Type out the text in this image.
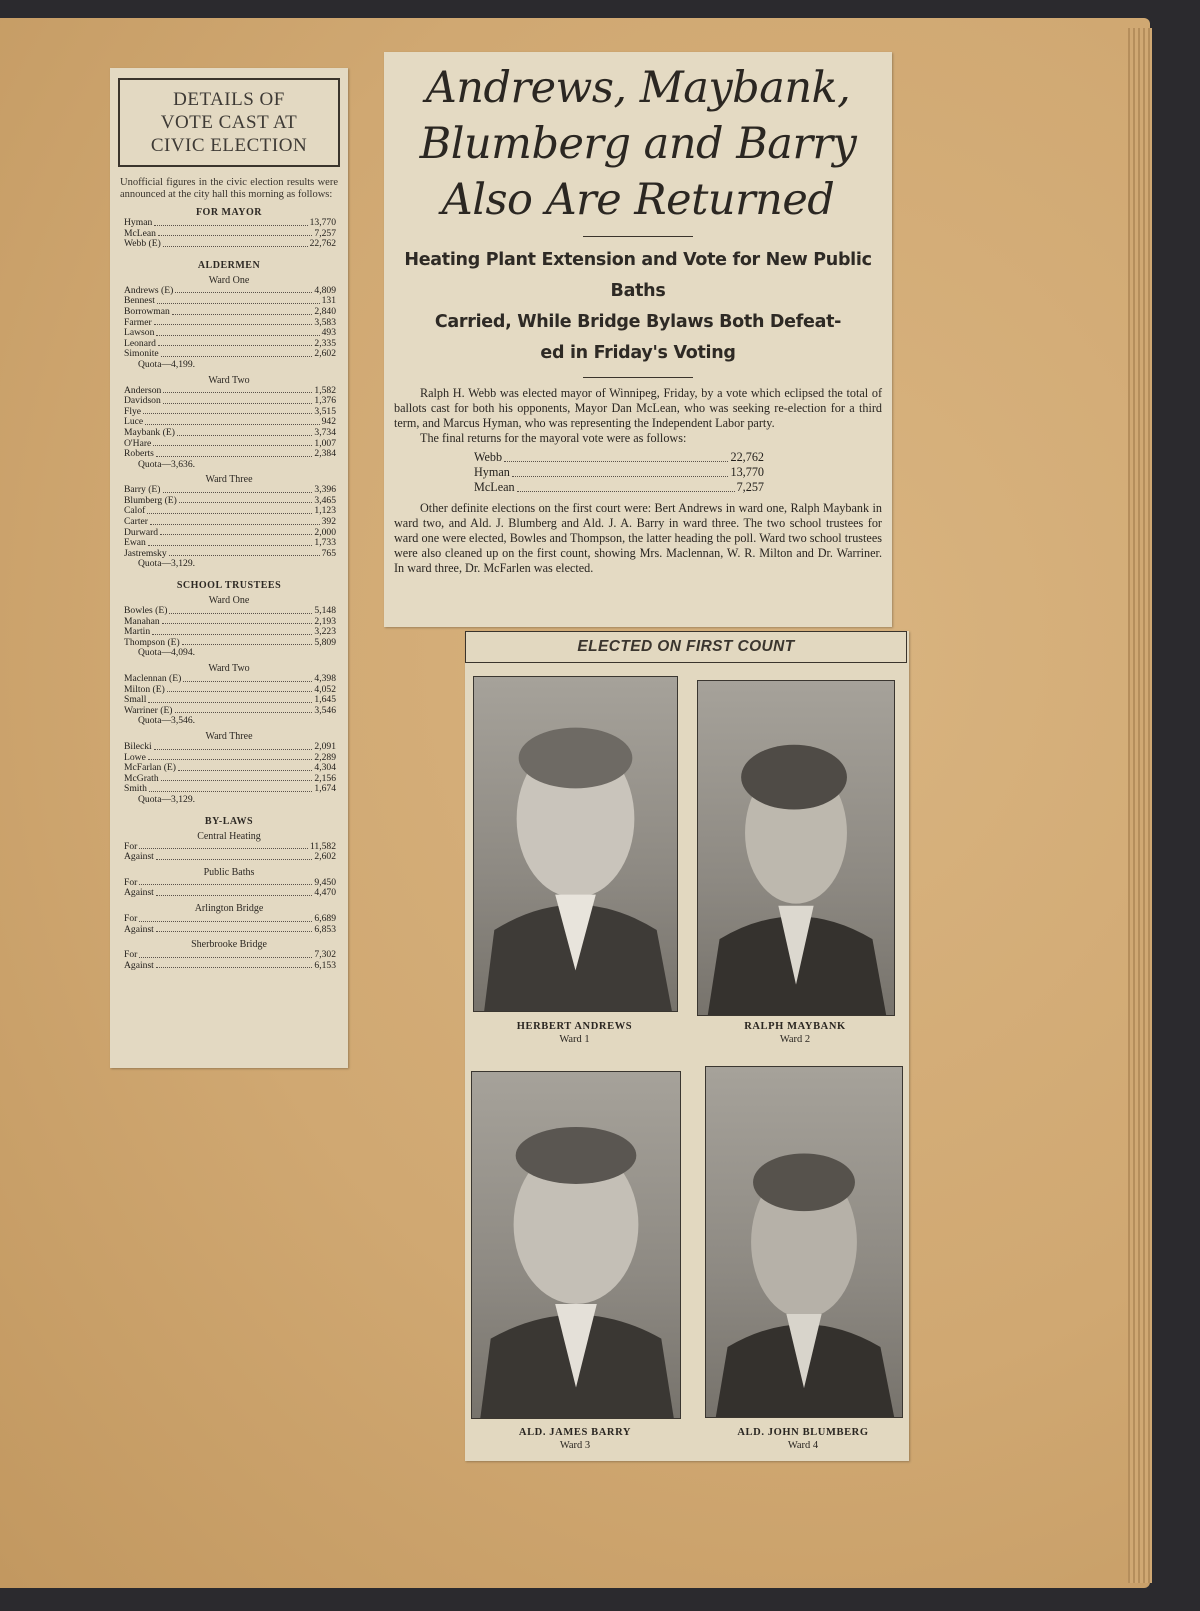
DETAILS OF
VOTE CAST AT
CIVIC ELECTION
Unofficial figures in the civic election results were announced at the city hall this morning as follows:
FOR MAYOR
Hyman	13,770
McLean	7,257
Webb (E)	22,762
ALDERMEN
Ward One
Andrews (E)	4,809
Bennest	131
Borrowman	2,840
Farmer	3,583
Lawson	493
Leonard	2,335
Simonite	2,602
Quota—4,199.
Ward Two
Anderson	1,582
Davidson	1,376
Flye	3,515
Luce	942
Maybank (E)	3,734
O'Hare	1,007
Roberts	2,384
Quota—3,636.
Ward Three
Barry (E)	3,396
Blumberg (E)	3,465
Calof	1,123
Carter	392
Durward	2,000
Ewan	1,733
Jastremsky	765
Quota—3,129.
SCHOOL TRUSTEES
Ward One
Bowles (E)	5,148
Manahan	2,193
Martin	3,223
Thompson (E)	5,809
Quota—4,094.
Ward Two
Maclennan (E)	4,398
Milton (E)	4,052
Small	1,645
Warriner (E)	3,546
Quota—3,546.
Ward Three
Bilecki	2,091
Lowe	2,289
McFarlan (E)	4,304
McGrath	2,156
Smith	1,674
Quota—3,129.
BY-LAWS
Central Heating
For	11,582
Against	2,602
Public Baths
For	9,450
Against	4,470
Arlington Bridge
For	6,689
Against	6,853
Sherbrooke Bridge
For	7,302
Against	6,153
Andrews, Maybank,
Blumberg and Barry
Also Are Returned
Heating Plant Extension and Vote for New Public Baths
Carried, While Bridge Bylaws Both Defeat-
ed in Friday's Voting

Ralph H. Webb was elected mayor of Winnipeg, Friday, by a vote which eclipsed the total of ballots cast for both his opponents, Mayor Dan McLean, who was seeking re-election for a third term, and Marcus Hyman, who was representing the Independent Labor party.

The final returns for the mayoral vote were as follows:

Webb	22,762
Hyman	13,770
McLean	7,257

Other definite elections on the first court were: Bert Andrews in ward one, Ralph Maybank in ward two, and Ald. J. Blumberg and Ald. J. A. Barry in ward three. The two school trustees for ward one were elected, Bowles and Thompson, the latter heading the poll. Ward two school trustees were also cleaned up on the first count, showing Mrs. Maclennan, W. R. Milton and Dr. Warriner. In ward three, Dr. McFarlen was elected.

ELECTED ON FIRST COUNT
HERBERT ANDREWS
Ward 1
RALPH MAYBANK
Ward 2
ALD. JAMES BARRY
Ward 3
ALD. JOHN BLUMBERG
Ward 4
